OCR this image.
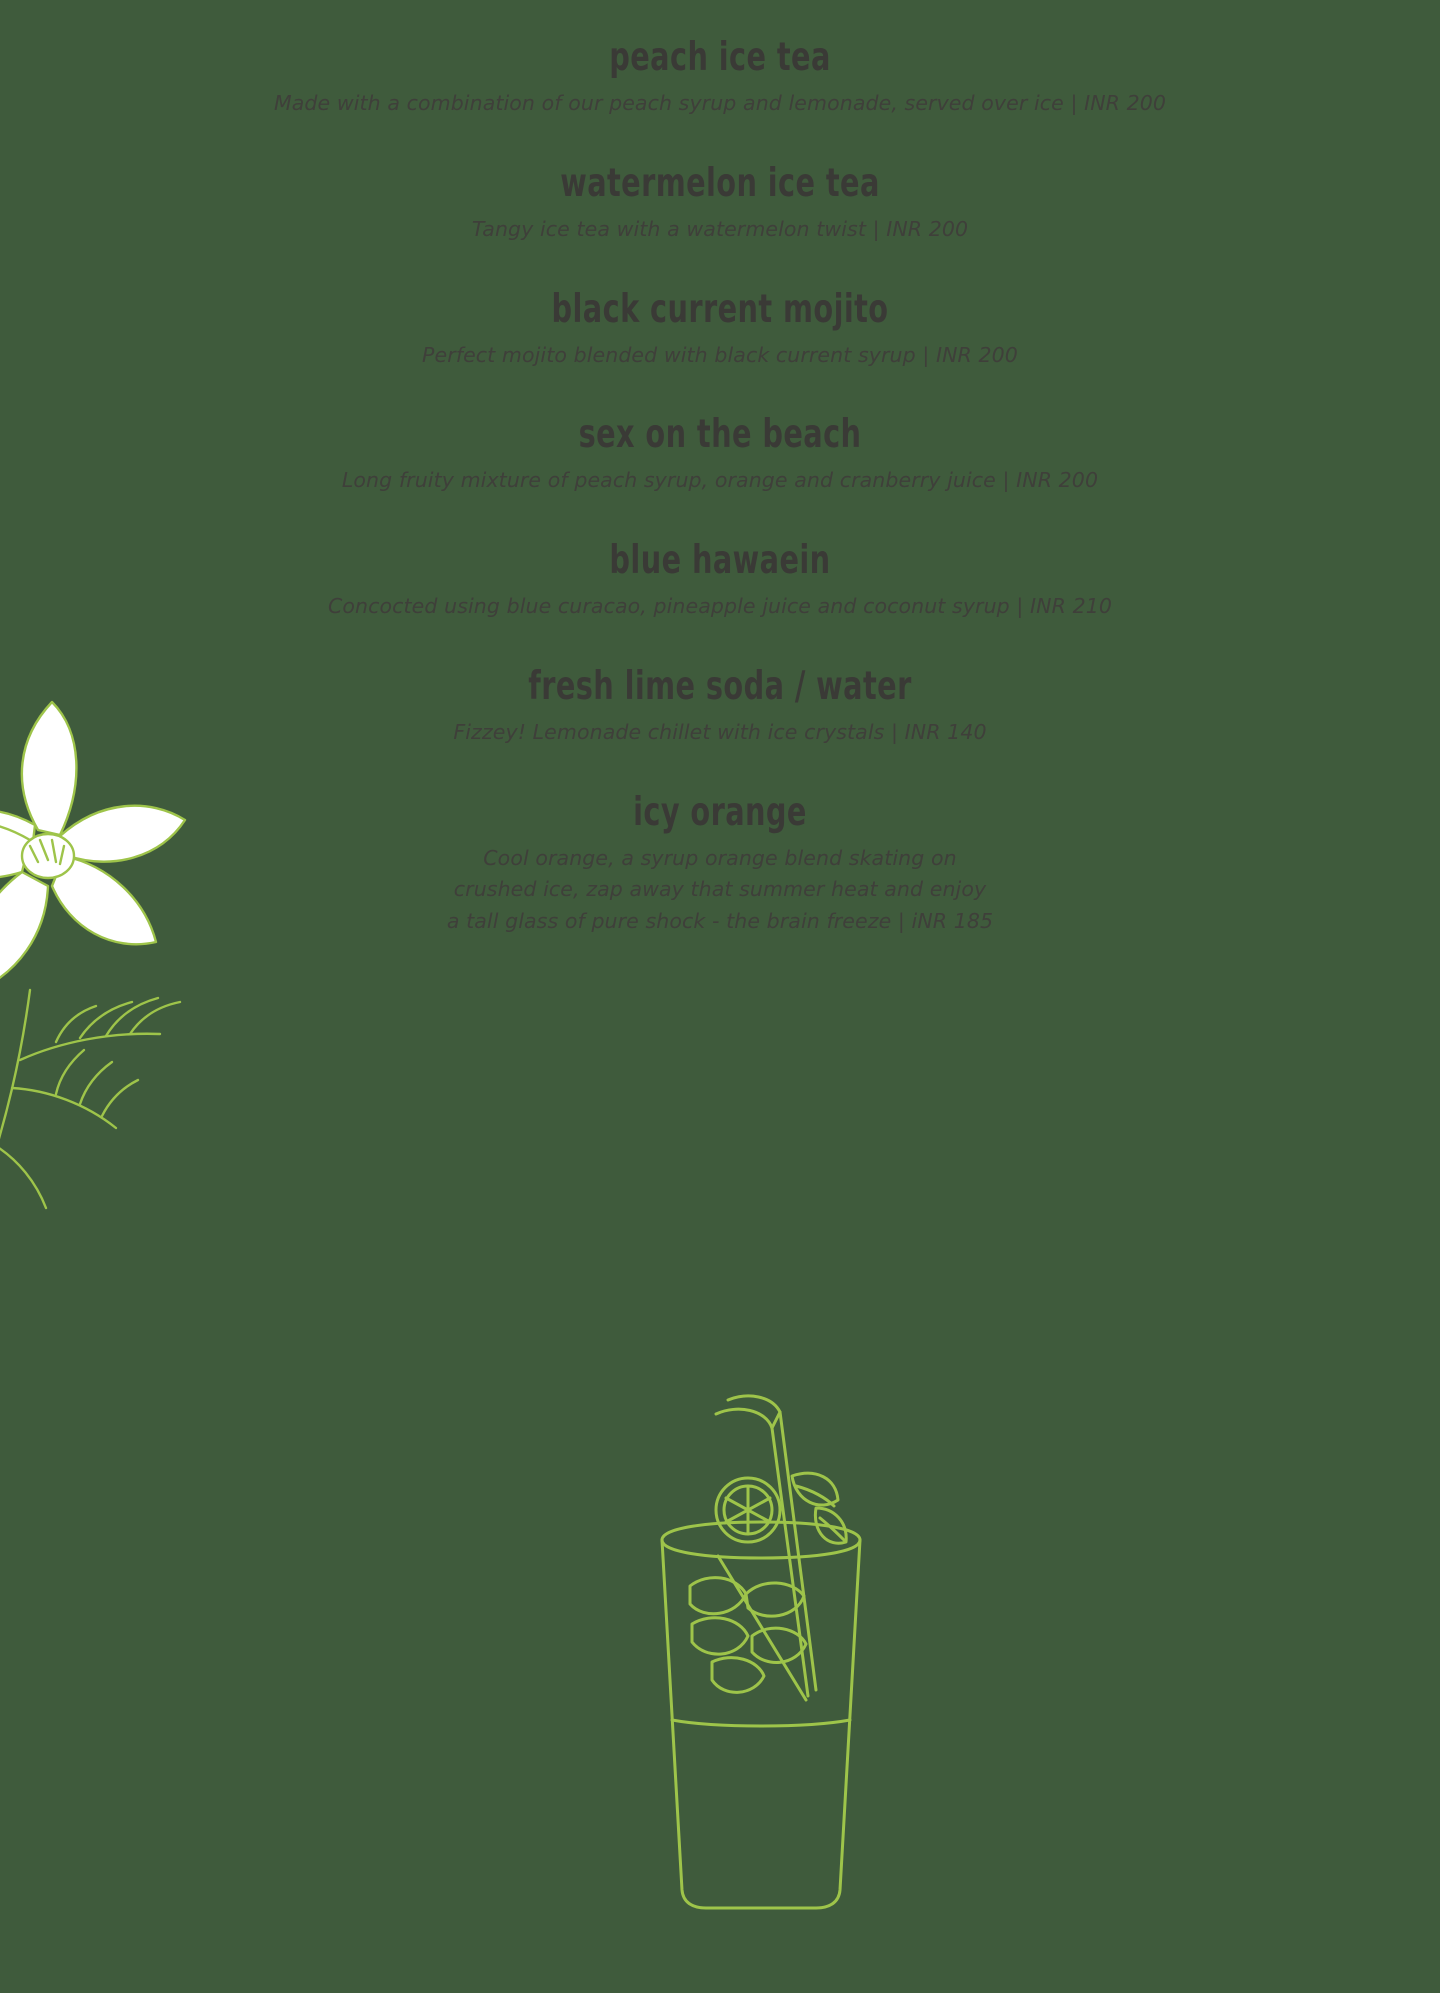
peach ice tea
Made with a combination of our peach syrup and lemonade, served over ice | INR 200
watermelon ice tea
Tangy ice tea with a watermelon twist | INR 200
black current mojito
Perfect mojito blended with black current syrup | INR 200
sex on the beach
Long fruity mixture of peach syrup, orange and cranberry juice | INR 200
blue hawaein
Concocted using blue curacao, pineapple juice and coconut syrup | INR 210
fresh lime soda / water
Fizzey! Lemonade chillet with ice crystals | INR 140
icy orange
Cool orange, a syrup orange blend skating on
crushed ice, zap away that summer heat and enjoy
a tall glass of pure shock - the brain freeze | iNR 185
